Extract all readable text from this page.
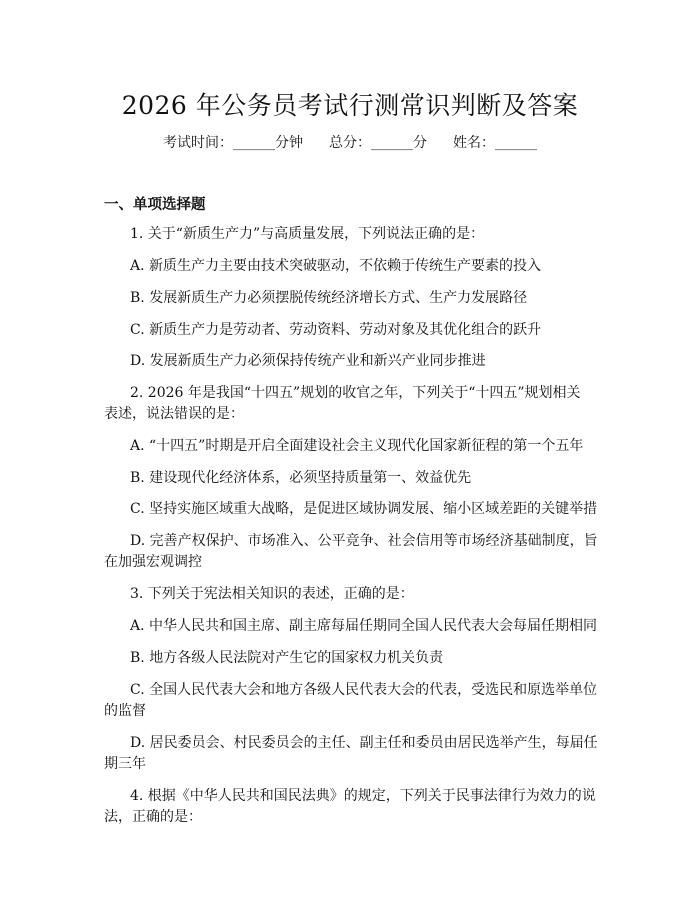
2026 年公务员考试行测常识判断及答案
考试时间：______分钟 总分：______分 姓名：______
一、单项选择题
1. 关于“新质生产力”与高质量发展，下列说法正确的是：
A. 新质生产力主要由技术突破驱动，不依赖于传统生产要素的投入
B. 发展新质生产力必须摆脱传统经济增长方式、生产力发展路径
C. 新质生产力是劳动者、劳动资料、劳动对象及其优化组合的跃升
D. 发展新质生产力必须保持传统产业和新兴产业同步推进
2. 2026 年是我国“十四五”规划的收官之年，下列关于“十四五”规划相关
表述，说法错误的是：
A. “十四五”时期是开启全面建设社会主义现代化国家新征程的第一个五年
B. 建设现代化经济体系，必须坚持质量第一、效益优先
C. 坚持实施区域重大战略，是促进区域协调发展、缩小区域差距的关键举措
D. 完善产权保护、市场准入、公平竞争、社会信用等市场经济基础制度，旨
在加强宏观调控
3. 下列关于宪法相关知识的表述，正确的是：
A. 中华人民共和国主席、副主席每届任期同全国人民代表大会每届任期相同
B. 地方各级人民法院对产生它的国家权力机关负责
C. 全国人民代表大会和地方各级人民代表大会的代表，受选民和原选举单位
的监督
D. 居民委员会、村民委员会的主任、副主任和委员由居民选举产生，每届任
期三年
4. 根据《中华人民共和国民法典》的规定，下列关于民事法律行为效力的说
法，正确的是：
